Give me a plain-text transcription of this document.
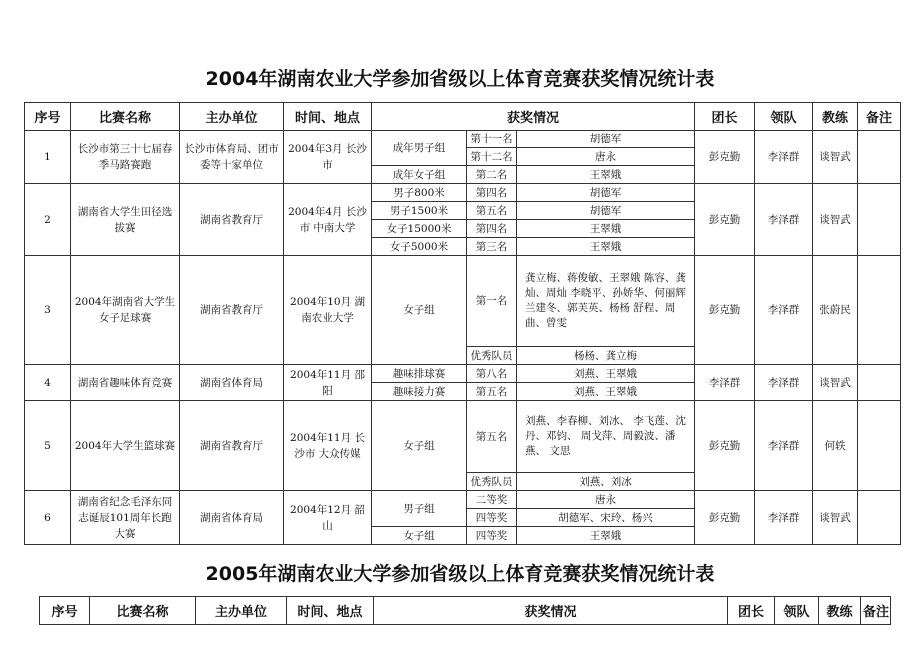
2004年湖南农业大学参加省级以上体育竞赛获奖情况统计表
序号	比赛名称	主办单位	时间、地点	获奖情况			团长	领队	教练	备注
1	长沙市第三十七届春季马路赛跑	长沙市体育局、团市委等十家单位	2004年3月 长沙市	成年男子组	第十一名	胡德军	彭克勤	李泽群	谈智武	
					第十二名	唐永				
				成年女子组	第二名	王翠娥				
2	湖南省大学生田径选拔赛	湖南省教育厅	2004年4月 长沙市 中南大学	男子800米	第四名	胡德军	彭克勤	李泽群	谈智武	
				男子1500米	第五名	胡德军				
				女子15000米	第四名	王翠娥				
				女子5000米	第三名	王翠娥				
3	2004年湖南省大学生女子足球赛	湖南省教育厅	2004年10月 湖南农业大学	女子组	第一名	龚立梅、蒋俊敏、王翠娥 陈容、龚灿、周灿 李晓平、孙娇华、何丽辉 兰建冬、郭芙英、杨杨 舒程、周曲、曾雯	彭克勤	李泽群	张蔚民	
					优秀队员	杨杨、龚立梅				
4	湖南省趣味体育竞赛	湖南省体育局	2004年11月 邵阳	趣味排球赛	第八名	刘燕、王翠娥	李泽群	李泽群	谈智武	
				趣味接力赛	第五名	刘燕、王翠娥				
5	2004年大学生篮球赛	湖南省教育厅	2004年11月 长沙市 大众传媒	女子组	第五名	刘燕、李春柳、刘冰、 李飞莲、沈丹、邓钧、 周戈萍、周毅波、潘燕、 文思	彭克勤	李泽群	何轶	
					优秀队员	刘燕、刘冰				
6	湖南省纪念毛泽东同志诞辰101周年长跑大赛	湖南省体育局	2004年12月 韶山	男子组	二等奖	唐永	彭克勤	李泽群	谈智武	
					四等奖	胡德军、宋玲、杨兴				
				女子组	四等奖	王翠娥				
2005年湖南农业大学参加省级以上体育竞赛获奖情况统计表
序号	比赛名称	主办单位	时间、地点	获奖情况	团长	领队	教练	备注
